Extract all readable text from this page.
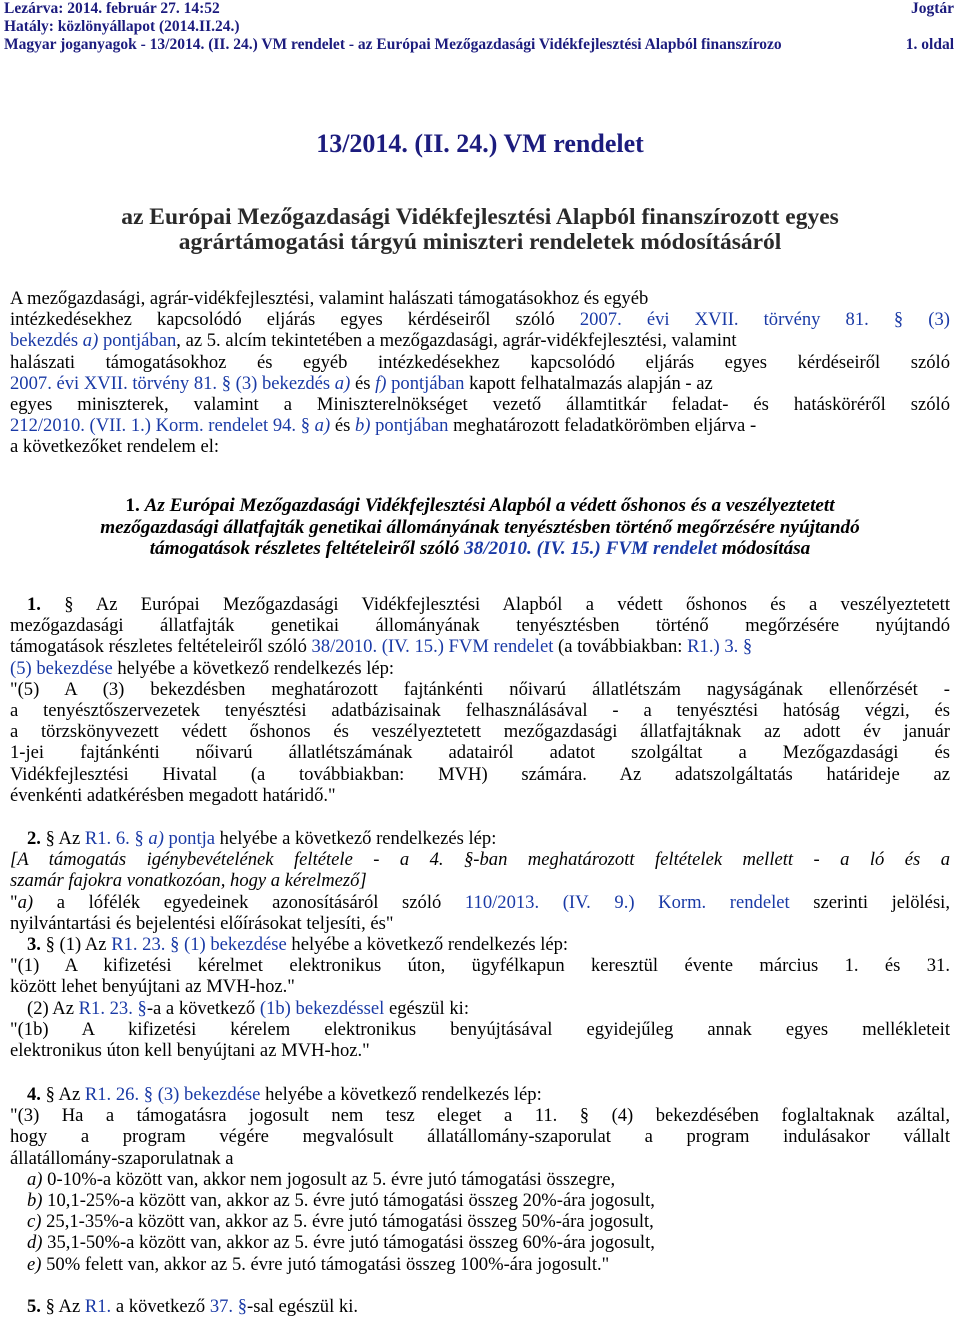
Lezárva: 2014. február 27. 14:52	Jogtár
Hatály: közlönyállapot (2014.II.24.)
Magyar joganyagok - 13/2014. (II. 24.) VM rendelet - az Európai Mezőgazdasági Vidékfejlesztési Alapból finanszírozo	1. oldal
13/2014. (II. 24.) VM rendelet
az Európai Mezőgazdasági Vidékfejlesztési Alapból finanszírozott egyes
agrártámogatási tárgyú miniszteri rendeletek módosításáról
A mezőgazdasági, agrár-vidékfejlesztési, valamint halászati támogatásokhoz és egyéb
intézkedésekhez kapcsolódó eljárás egyes kérdéseiről szóló 2007. évi XVII. törvény 81. § (3)
bekezdés a) pontjában, az 5. alcím tekintetében a mezőgazdasági, agrár-vidékfejlesztési, valamint
halászati támogatásokhoz és egyéb intézkedésekhez kapcsolódó eljárás egyes kérdéseiről szóló
2007. évi XVII. törvény 81. § (3) bekezdés a) és f) pontjában kapott felhatalmazás alapján - az
egyes miniszterek, valamint a Miniszterelnökséget vezető államtitkár feladat- és hatásköréről szóló
212/2010. (VII. 1.) Korm. rendelet 94. § a) és b) pontjában meghatározott feladatkörömben eljárva -
a következőket rendelem el:
1. Az Európai Mezőgazdasági Vidékfejlesztési Alapból a védett őshonos és a veszélyeztetett
mezőgazdasági állatfajták genetikai állományának tenyésztésben történő megőrzésére nyújtandó
támogatások részletes feltételeiről szóló 38/2010. (IV. 15.) FVM rendelet módosítása
1. § Az Európai Mezőgazdasági Vidékfejlesztési Alapból a védett őshonos és a veszélyeztetett
mezőgazdasági állatfajták genetikai állományának tenyésztésben történő megőrzésére nyújtandó
támogatások részletes feltételeiről szóló 38/2010. (IV. 15.) FVM rendelet (a továbbiakban: R1.) 3. §
(5) bekezdése helyébe a következő rendelkezés lép:
"(5) A (3) bekezdésben meghatározott fajtánkénti nőivarú állatlétszám nagyságának ellenőrzését -
a tenyésztőszervezetek tenyésztési adatbázisainak felhasználásával - a tenyésztési hatóság végzi, és
a törzskönyvezett védett őshonos és veszélyeztetett mezőgazdasági állatfajtáknak az adott év január
1-jei fajtánkénti nőivarú állatlétszámának adatairól adatot szolgáltat a Mezőgazdasági és
Vidékfejlesztési Hivatal (a továbbiakban: MVH) számára. Az adatszolgáltatás határideje az
évenkénti adatkérésben megadott határidő."
2. § Az R1. 6. § a) pontja helyébe a következő rendelkezés lép:
[A támogatás igénybevételének feltétele - a 4. §-ban meghatározott feltételek mellett - a ló és a
szamár fajokra vonatkozóan, hogy a kérelmező]
"a) a lófélék egyedeinek azonosításáról szóló 110/2013. (IV. 9.) Korm. rendelet szerinti jelölési,
nyilvántartási és bejelentési előírásokat teljesíti, és"
3. § (1) Az R1. 23. § (1) bekezdése helyébe a következő rendelkezés lép:
"(1) A kifizetési kérelmet elektronikus úton, ügyfélkapun keresztül évente március 1. és 31.
között lehet benyújtani az MVH-hoz."
(2) Az R1. 23. §-a a következő (1b) bekezdéssel egészül ki:
"(1b) A kifizetési kérelem elektronikus benyújtásával egyidejűleg annak egyes mellékleteit
elektronikus úton kell benyújtani az MVH-hoz."
4. § Az R1. 26. § (3) bekezdése helyébe a következő rendelkezés lép:
"(3) Ha a támogatásra jogosult nem tesz eleget a 11. § (4) bekezdésében foglaltaknak azáltal,
hogy a program végére megvalósult állatállomány-szaporulat a program indulásakor vállalt
állatállomány-szaporulatnak a
a) 0-10%-a között van, akkor nem jogosult az 5. évre jutó támogatási összegre,
b) 10,1-25%-a között van, akkor az 5. évre jutó támogatási összeg 20%-ára jogosult,
c) 25,1-35%-a között van, akkor az 5. évre jutó támogatási összeg 50%-ára jogosult,
d) 35,1-50%-a között van, akkor az 5. évre jutó támogatási összeg 60%-ára jogosult,
e) 50% felett van, akkor az 5. évre jutó támogatási összeg 100%-ára jogosult."
5. § Az R1. a következő 37. §-sal egészül ki.
